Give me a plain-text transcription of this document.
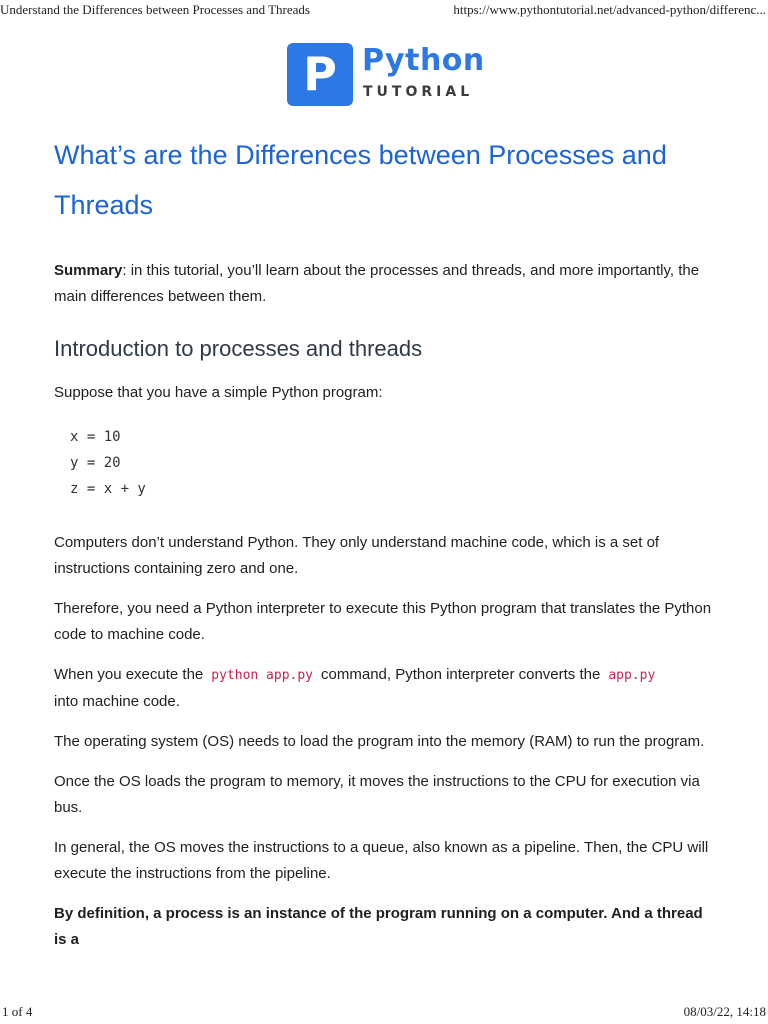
Understand the Differences between Processes and Threads	https://www.pythontutorial.net/advanced-python/differenc...
P Python
TUTORIAL
What’s are the Differences between Processes and Threads

Summary: in this tutorial, you’ll learn about the processes and threads, and more importantly, the main differences between them.

Introduction to processes and threads

Suppose that you have a simple Python program:

x = 10
y = 20
z = x + y

Computers don’t understand Python. They only understand machine code, which is a set of instructions containing zero and one.

Therefore, you need a Python interpreter to execute this Python program that translates the Python code to machine code.

When you execute the python app.py command, Python interpreter converts the app.py
into machine code.

The operating system (OS) needs to load the program into the memory (RAM) to run the program.

Once the OS loads the program to memory, it moves the instructions to the CPU for execution via bus.

In general, the OS moves the instructions to a queue, also known as a pipeline. Then, the CPU will execute the instructions from the pipeline.

By definition, a process is an instance of the program running on a computer. And a thread is a

1 of 4	08/03/22, 14:18
